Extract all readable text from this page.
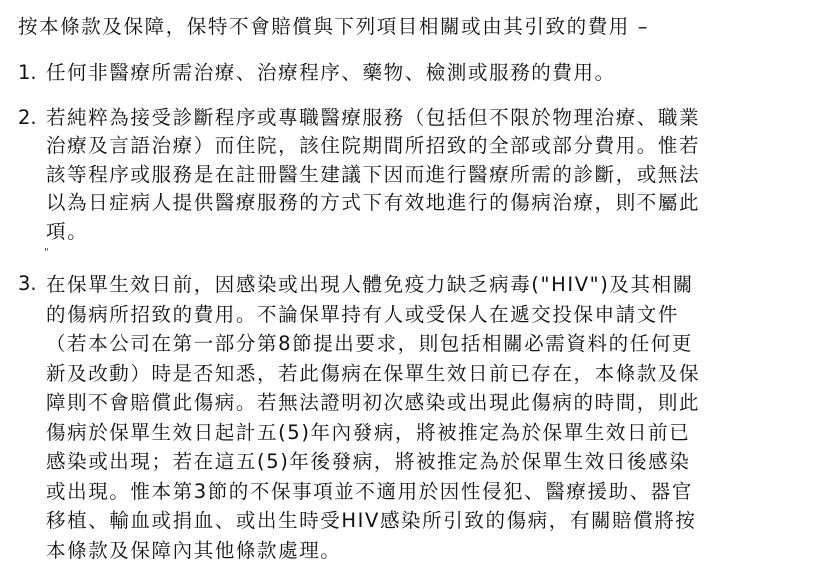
按本條款及保障，保特不會賠償與下列項目相關或由其引致的費用 –
1. 任何非醫療所需治療、治療程序、藥物、檢測或服務的費用。
2. 若純粹為接受診斷程序或專職醫療服務（包括但不限於物理治療、職業
治療及言語治療）而住院，該住院期間所招致的全部或部分費用。惟若
該等程序或服務是在註冊醫生建議下因而進行醫療所需的診斷，或無法
以為日症病人提供醫療服務的方式下有效地進行的傷病治療，則不屬此
項。
"
3. 在保單生效日前，因感染或出現人體免疫力缺乏病毒("HIV")及其相關
的傷病所招致的費用。不論保單持有人或受保人在遞交投保申請文件
（若本公司在第一部分第8節提出要求，則包括相關必需資料的任何更
新及改動）時是否知悉，若此傷病在保單生效日前已存在，本條款及保
障則不會賠償此傷病。若無法證明初次感染或出現此傷病的時間，則此
傷病於保單生效日起計五(5)年內發病，將被推定為於保單生效日前已
感染或出現；若在這五(5)年後發病，將被推定為於保單生效日後感染
或出現。惟本第3節的不保事項並不適用於因性侵犯、醫療援助、器官
移植、輸血或捐血、或出生時受HIV感染所引致的傷病，有關賠償將按
本條款及保障內其他條款處理。
